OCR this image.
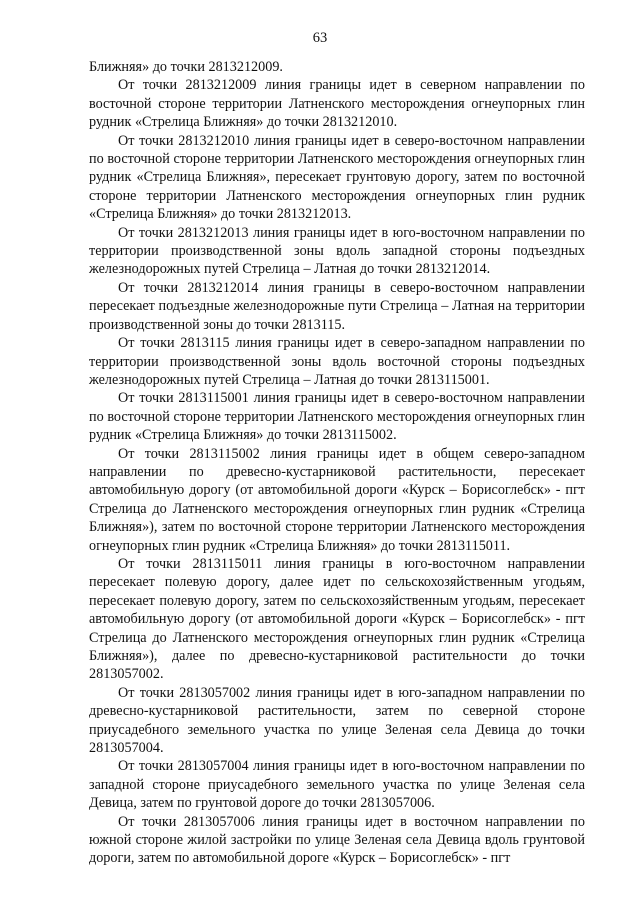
63

Ближняя» до точки 2813212009.

От точки 2813212009 линия границы идет в северном направлении по восточной стороне территории Латненского месторождения огнеупорных глин рудник «Стрелица Ближняя» до точки 2813212010.

От точки 2813212010 линия границы идет в северо-восточном направлении по восточной стороне территории Латненского месторождения огнеупорных глин рудник «Стрелица Ближняя», пересекает грунтовую дорогу, затем по восточной стороне территории Латненского месторождения огнеупорных глин рудник «Стрелица Ближняя» до точки 2813212013.

От точки 2813212013 линия границы идет в юго-восточном направлении по территории производственной зоны вдоль западной стороны подъездных железнодорожных путей Стрелица – Латная до точки 2813212014.

От точки 2813212014 линия границы в северо-восточном направлении пересекает подъездные железнодорожные пути Стрелица – Латная на территории производственной зоны до точки 2813115.

От точки 2813115 линия границы идет в северо-западном направлении по территории производственной зоны вдоль восточной стороны подъездных железнодорожных путей Стрелица – Латная до точки 2813115001.

От точки 2813115001 линия границы идет в северо-восточном направлении по восточной стороне территории Латненского месторождения огнеупорных глин рудник «Стрелица Ближняя» до точки 2813115002.

От точки 2813115002 линия границы идет в общем северо-западном направлении по древесно-кустарниковой растительности, пересекает автомобильную дорогу (от автомобильной дороги «Курск – Борисоглебск» - пгт Стрелица до Латненского месторождения огнеупорных глин рудник «Стрелица Ближняя»), затем по восточной стороне территории Латненского месторождения огнеупорных глин рудник «Стрелица Ближняя» до точки 2813115011.

От точки 2813115011 линия границы в юго-восточном направлении пересекает полевую дорогу, далее идет по сельскохозяйственным угодьям, пересекает полевую дорогу, затем по сельскохозяйственным угодьям, пересекает автомобильную дорогу (от автомобильной дороги «Курск – Борисоглебск» - пгт Стрелица до Латненского месторождения огнеупорных глин рудник «Стрелица Ближняя»), далее по древесно-кустарниковой растительности до точки 2813057002.

От точки 2813057002 линия границы идет в юго-западном направлении по древесно-кустарниковой растительности, затем по северной стороне приусадебного земельного участка по улице Зеленая села Девица до точки 2813057004.

От точки 2813057004 линия границы идет в юго-восточном направлении по западной стороне приусадебного земельного участка по улице Зеленая села Девица, затем по грунтовой дороге до точки 2813057006.

От точки 2813057006 линия границы идет в восточном направлении по южной стороне жилой застройки по улице Зеленая села Девица вдоль грунтовой дороги, затем по автомобильной дороге «Курск – Борисоглебск» - пгт
